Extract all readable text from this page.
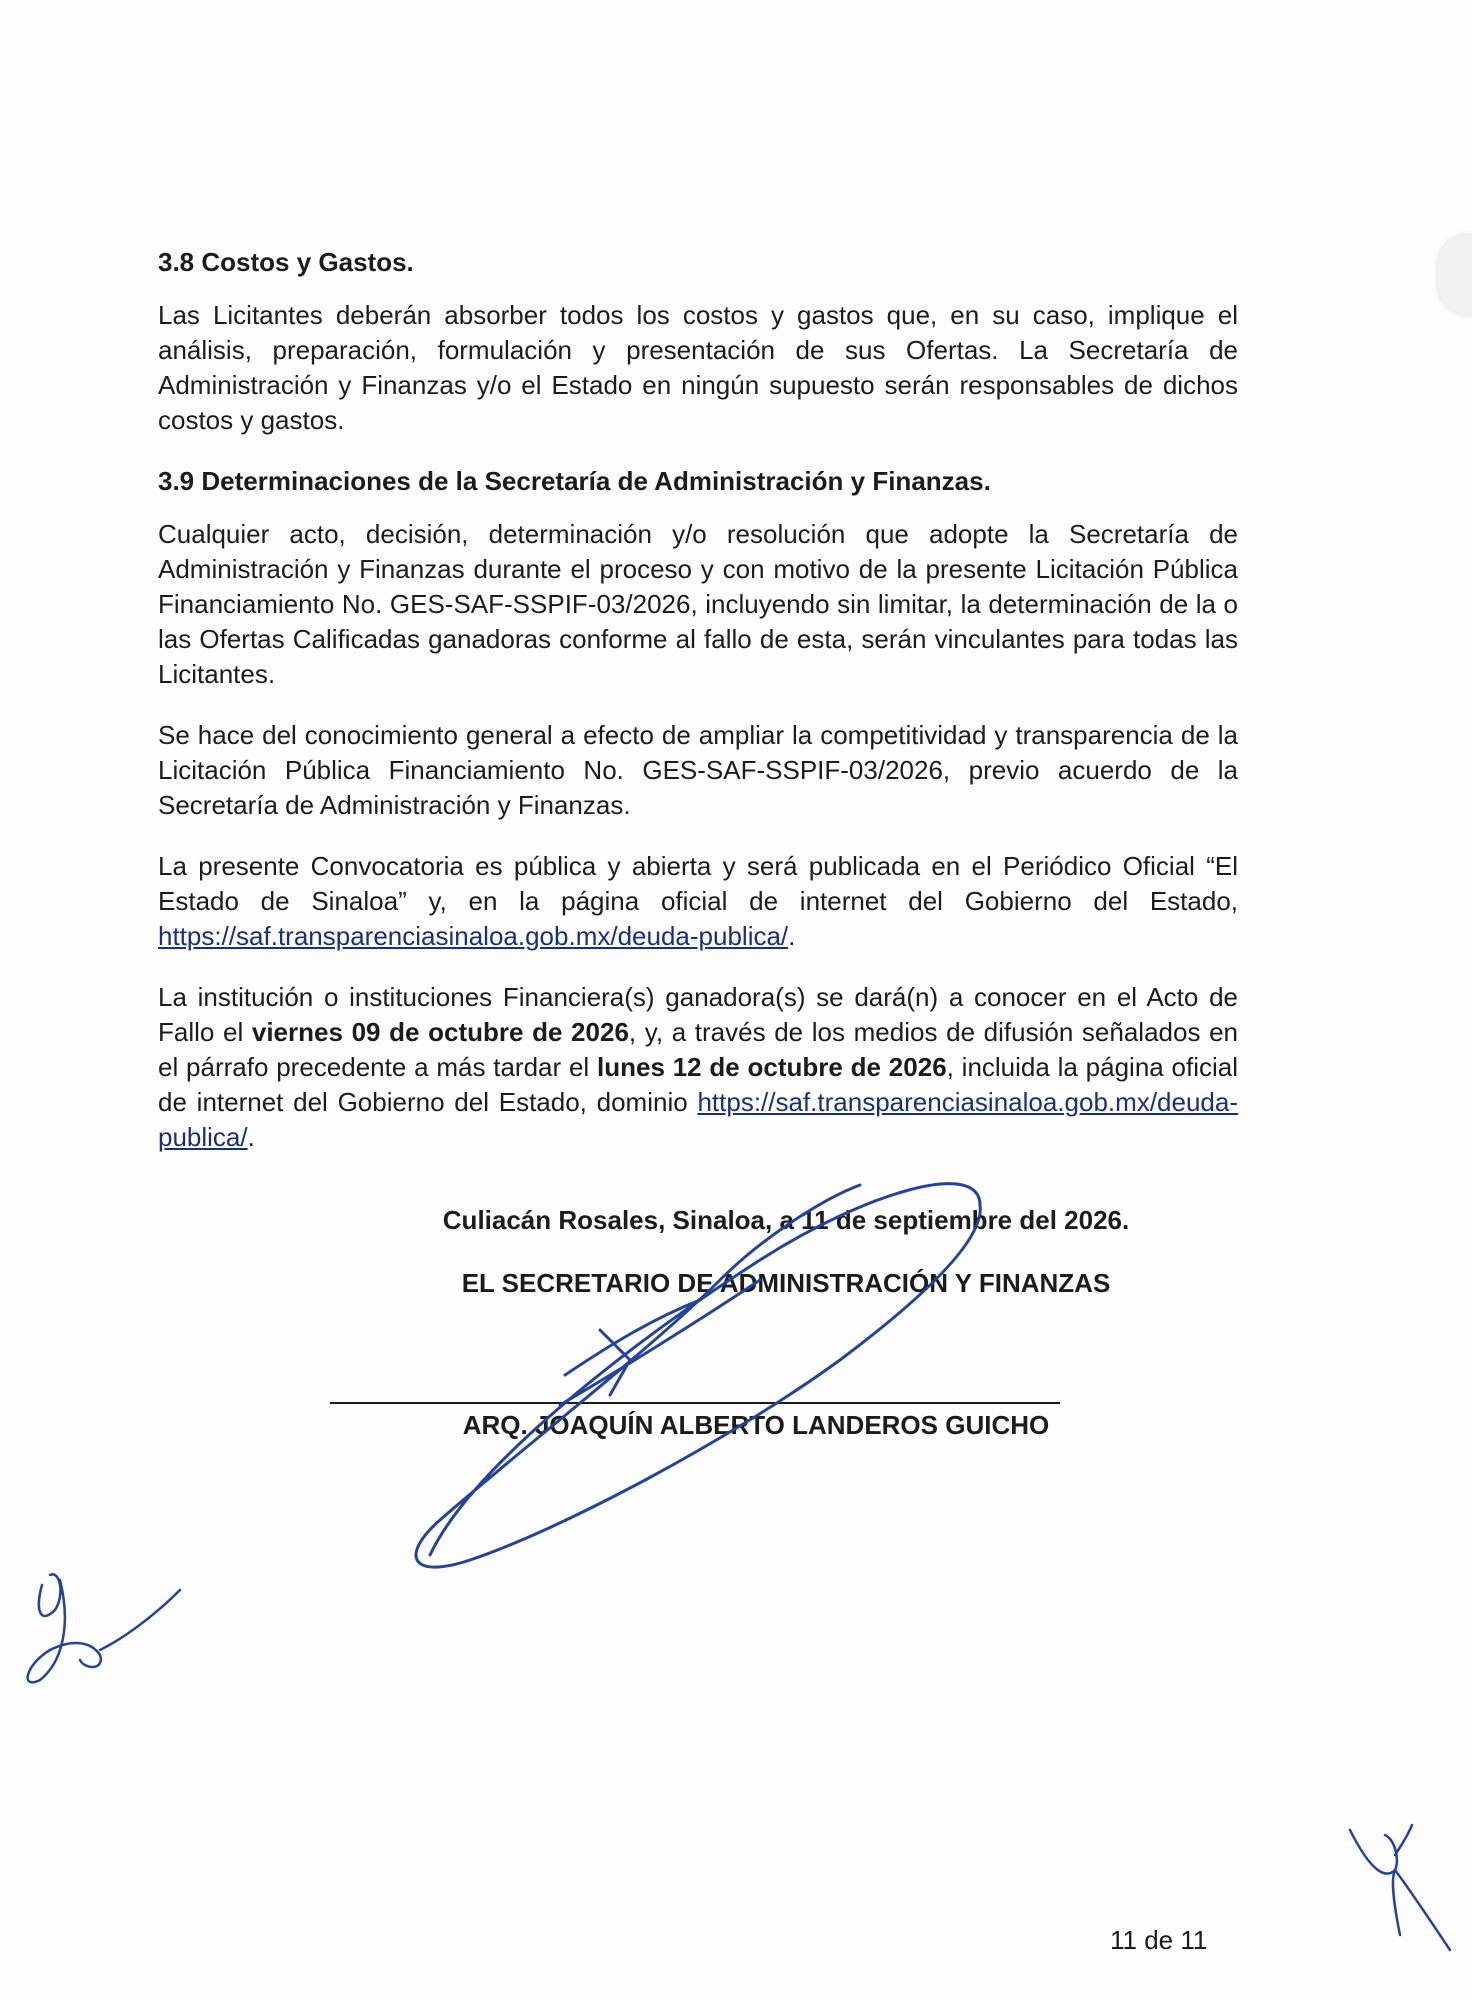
3.8 Costos y Gastos.

Las Licitantes deberán absorber todos los costos y gastos que, en su caso, implique el análisis, preparación, formulación y presentación de sus Ofertas. La Secretaría de Administración y Finanzas y/o el Estado en ningún supuesto serán responsables de dichos costos y gastos.

3.9 Determinaciones de la Secretaría de Administración y Finanzas.

Cualquier acto, decisión, determinación y/o resolución que adopte la Secretaría de Administración y Finanzas durante el proceso y con motivo de la presente Licitación Pública Financiamiento No. GES-SAF-SSPIF-03/2026, incluyendo sin limitar, la determinación de la o las Ofertas Calificadas ganadoras conforme al fallo de esta, serán vinculantes para todas las Licitantes.

Se hace del conocimiento general a efecto de ampliar la competitividad y transparencia de la Licitación Pública Financiamiento No. GES-SAF-SSPIF-03/2026, previo acuerdo de la Secretaría de Administración y Finanzas.

La presente Convocatoria es pública y abierta y será publicada en el Periódico Oficial “El Estado de Sinaloa” y, en la página oficial de internet del Gobierno del Estado, https://saf.transparenciasinaloa.gob.mx/deuda-publica/.

La institución o instituciones Financiera(s) ganadora(s) se dará(n) a conocer en el Acto de Fallo el viernes 09 de octubre de 2026, y, a través de los medios de difusión señalados en el párrafo precedente a más tardar el lunes 12 de octubre de 2026, incluida la página oficial de internet del Gobierno del Estado, dominio https://saf.transparenciasinaloa.gob.mx/deuda-publica/.

Culiacán Rosales, Sinaloa, a 11 de septiembre del 2026.
EL SECRETARIO DE ADMINISTRACIÓN Y FINANZAS
ARQ. JOAQUÍN ALBERTO LANDEROS GUICHO
11 de 11
